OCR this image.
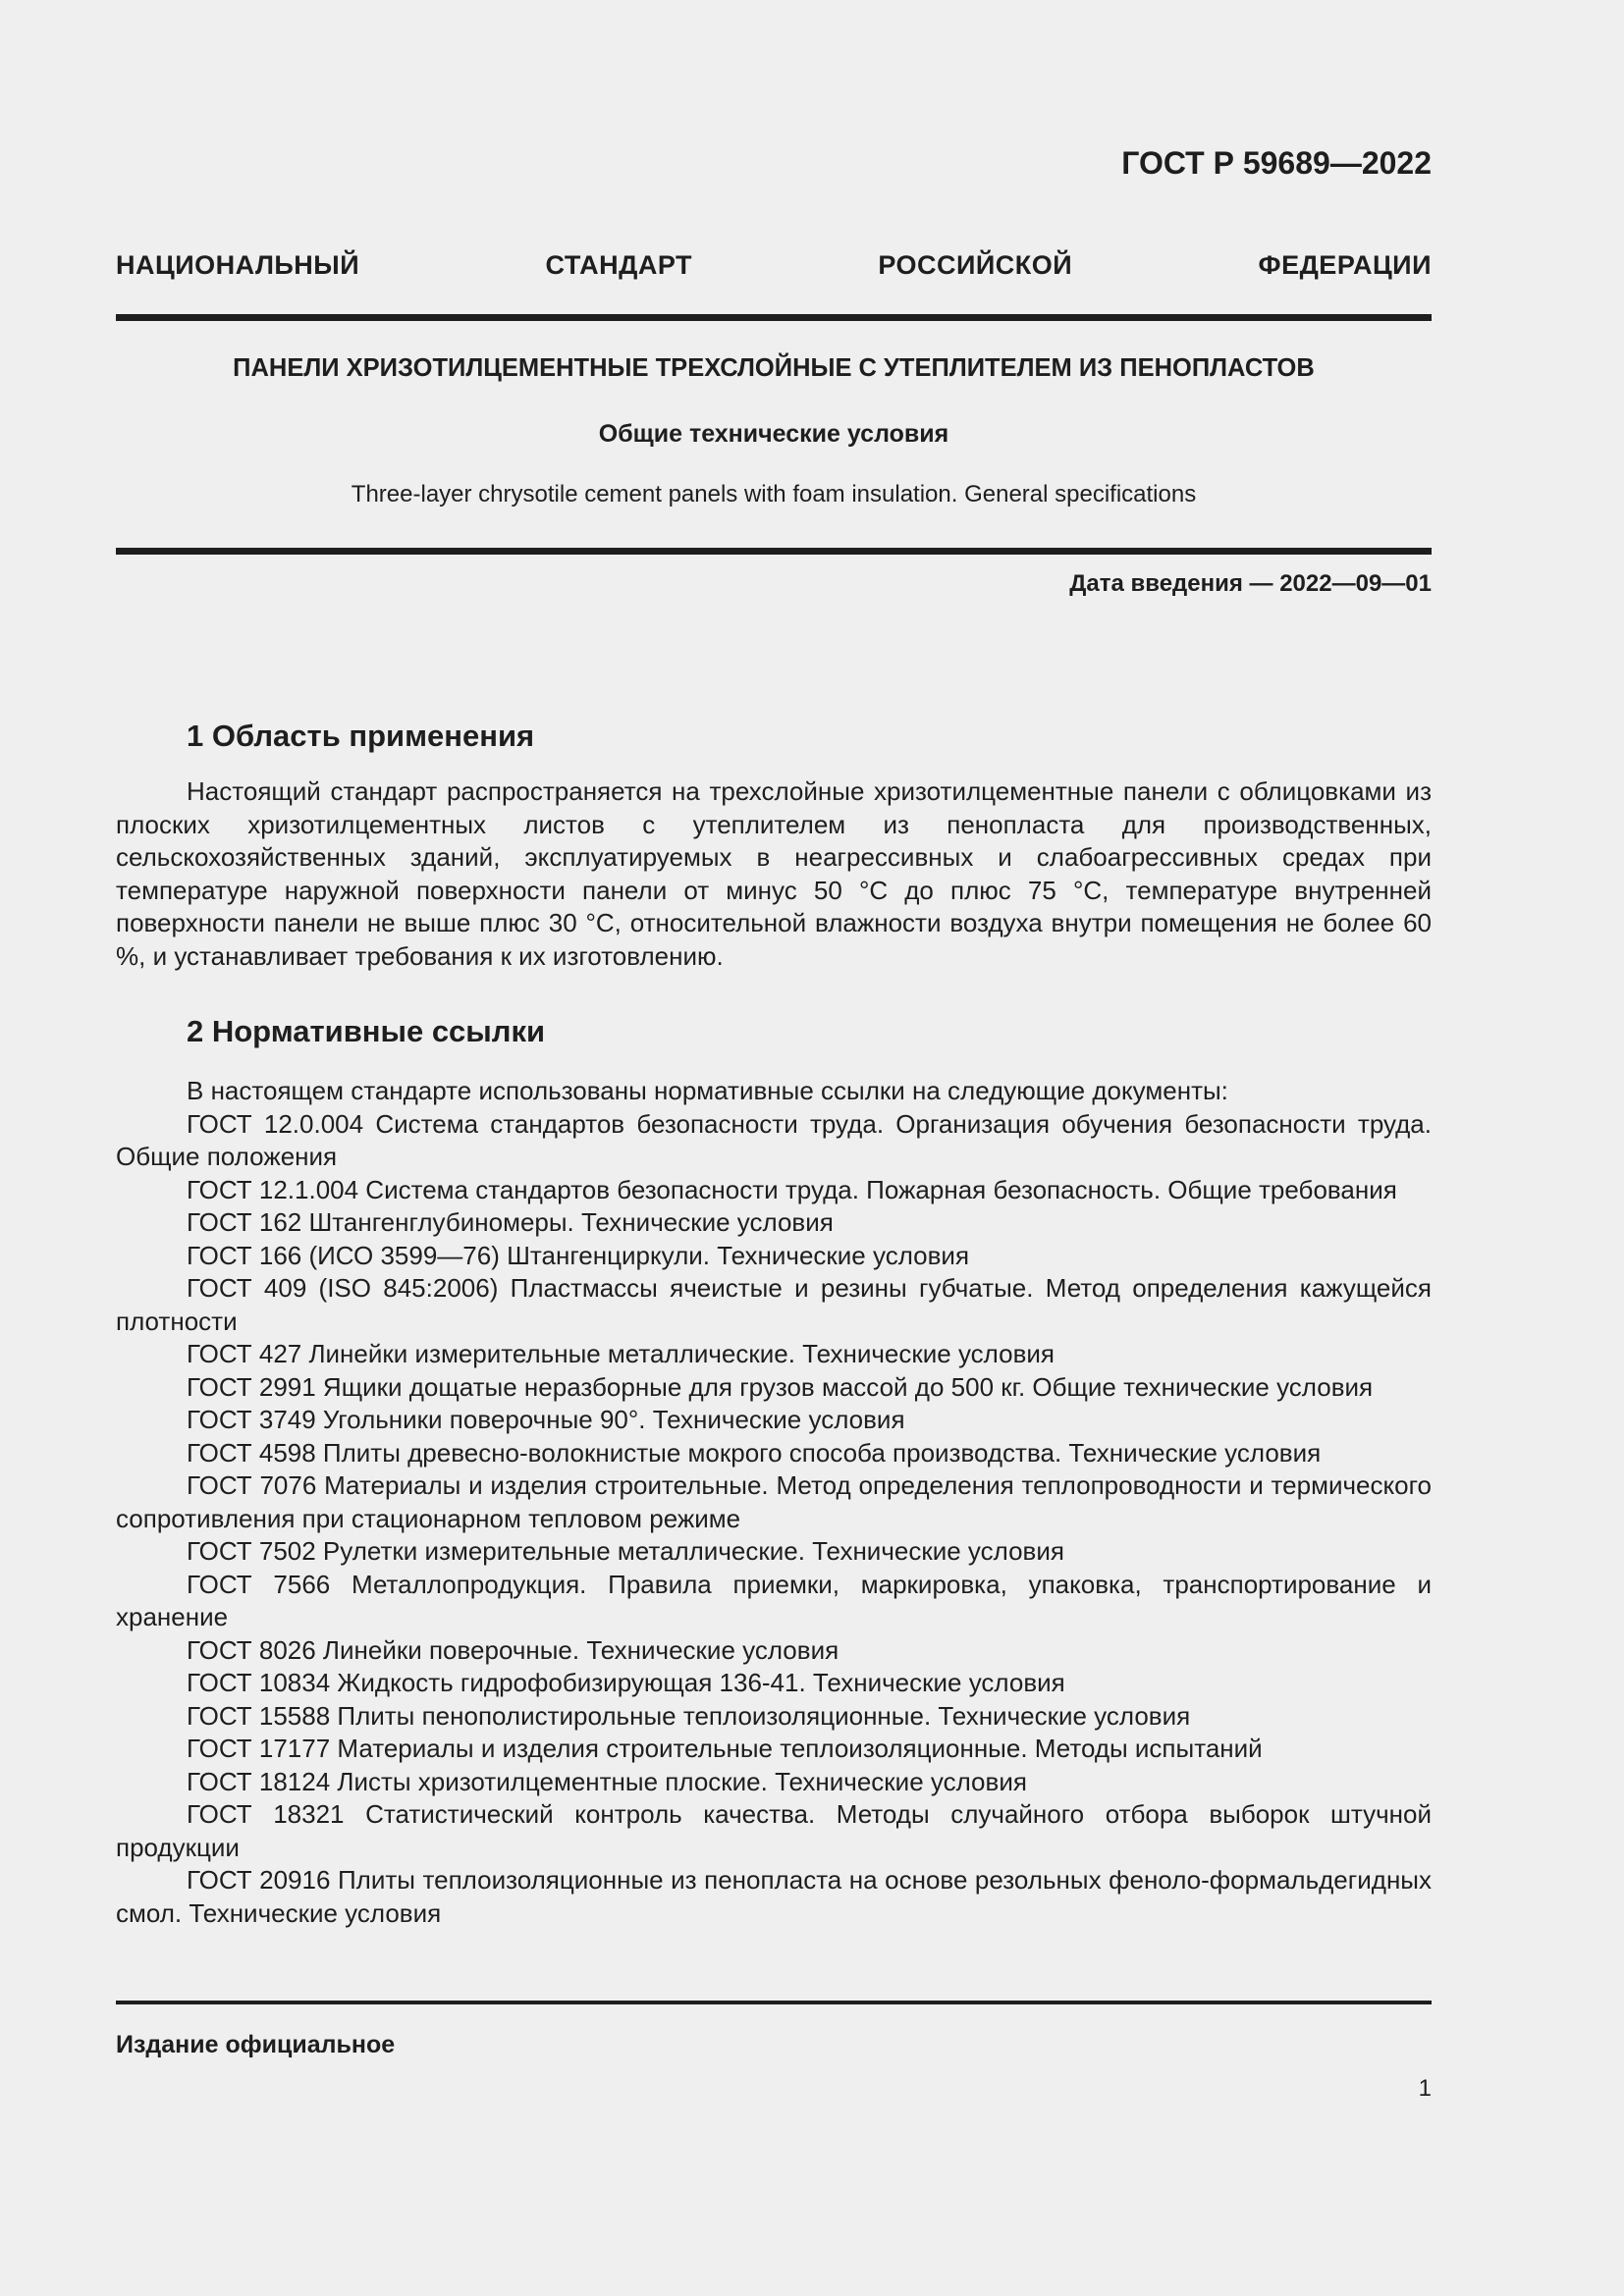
ГОСТ Р 59689—2022
НАЦИОНАЛЬНЫЙ СТАНДАРТ РОССИЙСКОЙ ФЕДЕРАЦИИ
ПАНЕЛИ ХРИЗОТИЛЦЕМЕНТНЫЕ ТРЕХСЛОЙНЫЕ С УТЕПЛИТЕЛЕМ ИЗ ПЕНОПЛАСТОВ
Общие технические условия
Three-layer chrysotile cement panels with foam insulation. General specifications
Дата введения — 2022—09—01
1 Область применения

Настоящий стандарт распространяется на трехслойные хризотилцементные панели с облицовками из плоских хризотилцементных листов с утеплителем из пенопласта для производственных, сельскохозяйственных зданий, эксплуатируемых в неагрессивных и слабоагрессивных средах при температуре наружной поверхности панели от минус 50 °С до плюс 75 °С, температуре внутренней поверхности панели не выше плюс 30 °С, относительной влажности воздуха внутри помещения не более 60 %, и устанавливает требования к их изготовлению.

2 Нормативные ссылки

В настоящем стандарте использованы нормативные ссылки на следующие документы:

ГОСТ 12.0.004 Система стандартов безопасности труда. Организация обучения безопасности труда. Общие положения

ГОСТ 12.1.004 Система стандартов безопасности труда. Пожарная безопасность. Общие требования

ГОСТ 162 Штангенглубиномеры. Технические условия

ГОСТ 166 (ИСО 3599—76) Штангенциркули. Технические условия

ГОСТ 409 (ISO 845:2006) Пластмассы ячеистые и резины губчатые. Метод определения кажущейся плотности

ГОСТ 427 Линейки измерительные металлические. Технические условия

ГОСТ 2991 Ящики дощатые неразборные для грузов массой до 500 кг. Общие технические условия

ГОСТ 3749 Угольники поверочные 90°. Технические условия

ГОСТ 4598 Плиты древесно-волокнистые мокрого способа производства. Технические условия

ГОСТ 7076 Материалы и изделия строительные. Метод определения теплопроводности и термического сопротивления при стационарном тепловом режиме

ГОСТ 7502 Рулетки измерительные металлические. Технические условия

ГОСТ 7566 Металлопродукция. Правила приемки, маркировка, упаковка, транспортирование и хранение

ГОСТ 8026 Линейки поверочные. Технические условия

ГОСТ 10834 Жидкость гидрофобизирующая 136-41. Технические условия

ГОСТ 15588 Плиты пенополистирольные теплоизоляционные. Технические условия

ГОСТ 17177 Материалы и изделия строительные теплоизоляционные. Методы испытаний

ГОСТ 18124 Листы хризотилцементные плоские. Технические условия

ГОСТ 18321 Статистический контроль качества. Методы случайного отбора выборок штучной продукции

ГОСТ 20916 Плиты теплоизоляционные из пенопласта на основе резольных феноло-формальдегидных смол. Технические условия

Издание официальное
1
